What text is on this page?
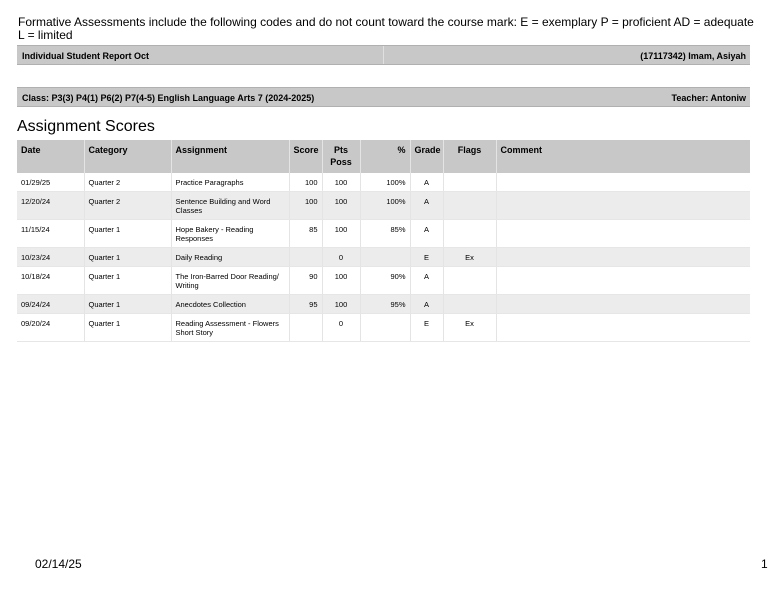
Formative Assessments include the following codes and do not count toward the course mark: E = exemplary P = proficient AD = adequate L = limited
Individual Student Report Oct	(17117342) Imam, Asiyah
Class: P3(3) P4(1) P6(2) P7(4-5) English Language Arts 7 (2024-2025)	Teacher: Antoniw
Assignment Scores
Date	Category	Assignment	Score	Pts Poss	%	Grade	Flags	Comment
01/29/25	Quarter 2	Practice Paragraphs	100	100	100%	A		
12/20/24	Quarter 2	Sentence Building and Word Classes	100	100	100%	A		
11/15/24	Quarter 1	Hope Bakery - Reading Responses	85	100	85%	A		
10/23/24	Quarter 1	Daily Reading		0		E	Ex	
10/18/24	Quarter 1	The Iron-Barred Door Reading/ Writing	90	100	90%	A		
09/24/24	Quarter 1	Anecdotes Collection	95	100	95%	A		
09/20/24	Quarter 1	Reading Assessment - Flowers Short Story		0		E	Ex	
02/14/25	1
